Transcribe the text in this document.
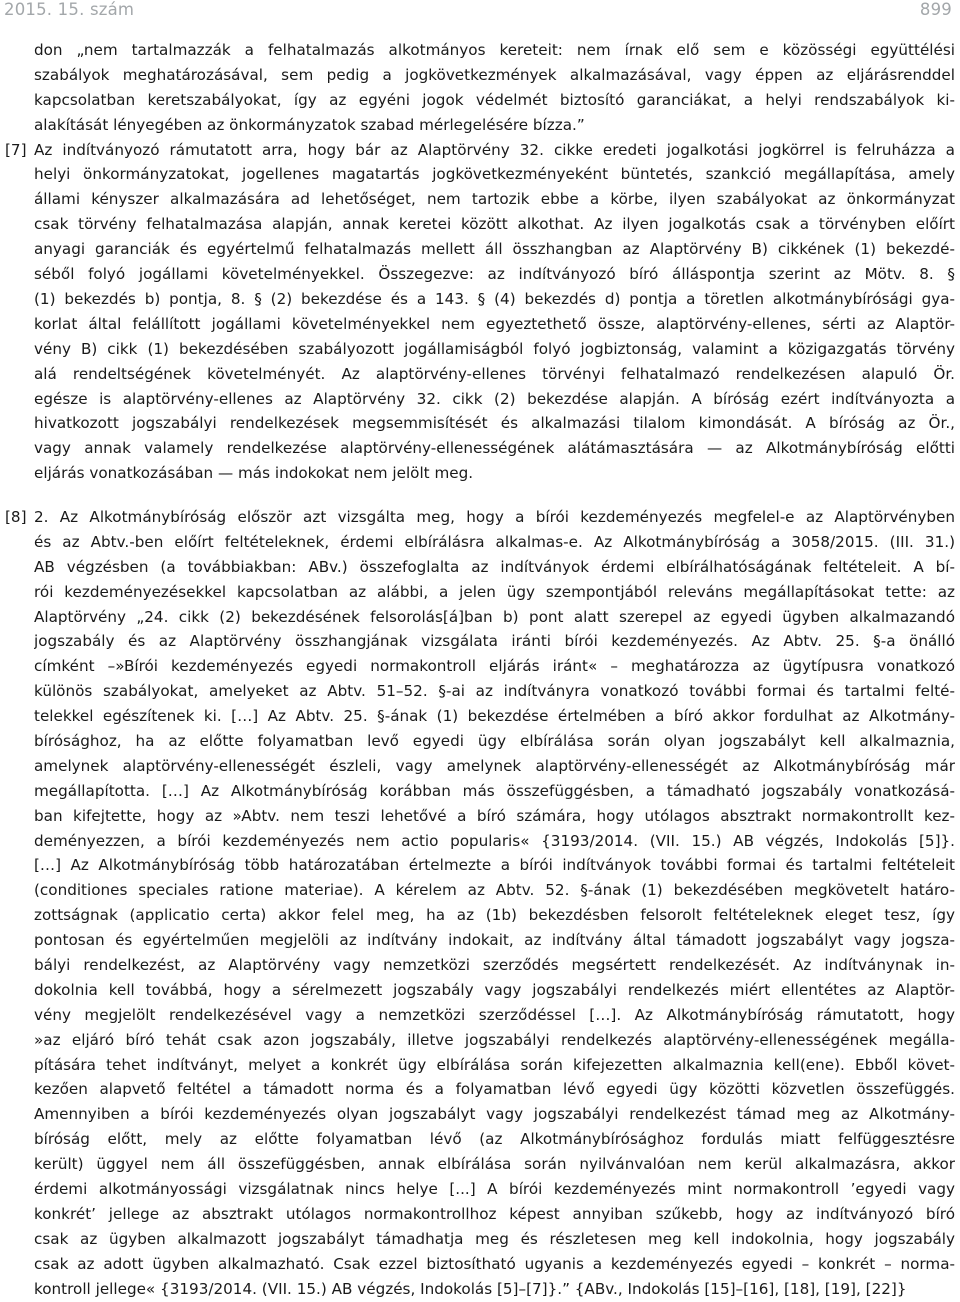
2015. 15. szám	899
don „nem tartalmazzák a felhatalmazás alkotmányos kereteit: nem írnak elő sem e közösségi együttélési
szabályok meghatározásával, sem pedig a jogkövetkezmények alkalmazásával, vagy éppen az eljárásrenddel
kapcsolatban keretszabályokat, így az egyéni jogok védelmét biztosító garanciákat, a helyi rendszabályok ki-
alakítását lényegében az önkormányzatok szabad mérlegelésére bízza.”
[7] Az indítványozó rámutatott arra, hogy bár az Alaptörvény 32. cikke eredeti jogalkotási jogkörrel is felruházza a
helyi önkormányzatokat, jogellenes magatartás jogkövetkezményeként büntetés, szankció megállapítása, amely
állami kényszer alkalmazására ad lehetőséget, nem tartozik ebbe a körbe, ilyen szabályokat az önkormányzat
csak törvény felhatalmazása alapján, annak keretei között alkothat. Az ilyen jogalkotás csak a törvényben előírt
anyagi garanciák és egyértelmű felhatalmazás mellett áll összhangban az Alaptörvény B) cikkének (1) bekezdé-
séből folyó jogállami követelményekkel. Összegezve: az indítványozó bíró álláspontja szerint az Mötv. 8. §
(1) bekezdés b) pontja, 8. § (2) bekezdése és a 143. § (4) bekezdés d) pontja a töretlen alkotmánybírósági gya-
korlat által felállított jogállami követelményekkel nem egyeztethető össze, alaptörvény-ellenes, sérti az Alaptör-
vény B) cikk (1) bekezdésében szabályozott jogállamiságból folyó jogbiztonság, valamint a közigazgatás törvény
alá rendeltségének követelményét. Az alaptörvény-ellenes törvényi felhatalmazó rendelkezésen alapuló Ör.
egésze is alaptörvény-ellenes az Alaptörvény 32. cikk (2) bekezdése alapján. A bíróság ezért indítványozta a
hivatkozott jogszabályi rendelkezések megsemmisítését és alkalmazási tilalom kimondását. A bíróság az Ör.,
vagy annak valamely rendelkezése alaptörvény-ellenességének alátámasztására — az Alkotmánybíróság előtti
eljárás vonatkozásában — más indokokat nem jelölt meg.
[8] 2. Az Alkotmánybíróság először azt vizsgálta meg, hogy a bírói kezdeményezés megfelel-e az Alaptörvényben
és az Abtv.-ben előírt feltételeknek, érdemi elbírálásra alkalmas-e. Az Alkotmánybíróság a 3058/2015. (III. 31.)
AB végzésben (a továbbiakban: ABv.) összefoglalta az indítványok érdemi elbírálhatóságának feltételeit. A bí-
rói kezdeményezésekkel kapcsolatban az alábbi, a jelen ügy szempontjából releváns megállapításokat tette: az
Alaptörvény „24. cikk (2) bekezdésének felsorolás[á]ban b) pont alatt szerepel az egyedi ügyben alkalmazandó
jogszabály és az Alaptörvény összhangjának vizsgálata iránti bírói kezdeményezés. Az Abtv. 25. §-a önálló
címként –»Bírói kezdeményezés egyedi normakontroll eljárás iránt« – meghatározza az ügytípusra vonatkozó
különös szabályokat, amelyeket az Abtv. 51–52. §-ai az indítványra vonatkozó további formai és tartalmi felté-
telekkel egészítenek ki. […] Az Abtv. 25. §-ának (1) bekezdése értelmében a bíró akkor fordulhat az Alkotmány-
bírósághoz, ha az előtte folyamatban levő egyedi ügy elbírálása során olyan jogszabályt kell alkalmaznia,
amelynek alaptörvény-ellenességét észleli, vagy amelynek alaptörvény-ellenességét az Alkotmánybíróság már
megállapította. […] Az Alkotmánybíróság korábban más összefüggésben, a támadható jogszabály vonatkozásá-
ban kifejtette, hogy az »Abtv. nem teszi lehetővé a bíró számára, hogy utólagos absztrakt normakontrollt kez-
deményezzen, a bírói kezdeményezés nem actio popularis« {3193/2014. (VII. 15.) AB végzés, Indokolás [5]}.
[…] Az Alkotmánybíróság több határozatában értelmezte a bírói indítványok további formai és tartalmi feltételeit
(conditiones speciales ratione materiae). A kérelem az Abtv. 52. §-ának (1) bekezdésében megkövetelt határo-
zottságnak (applicatio certa) akkor felel meg, ha az (1b) bekezdésben felsorolt feltételeknek eleget tesz, így
pontosan és egyértelműen megjelöli az indítvány indokait, az indítvány által támadott jogszabályt vagy jogsza-
bályi rendelkezést, az Alaptörvény vagy nemzetközi szerződés megsértett rendelkezését. Az indítványnak in-
dokolnia kell továbbá, hogy a sérelmezett jogszabály vagy jogszabályi rendelkezés miért ellentétes az Alaptör-
vény megjelölt rendelkezésével vagy a nemzetközi szerződéssel […]. Az Alkotmánybíróság rámutatott, hogy
»az eljáró bíró tehát csak azon jogszabály, illetve jogszabályi rendelkezés alaptörvény-ellenességének megálla-
pítására tehet indítványt, melyet a konkrét ügy elbírálása során kifejezetten alkalmaznia kell(ene). Ebből követ-
kezően alapvető feltétel a támadott norma és a folyamatban lévő egyedi ügy közötti közvetlen összefüggés.
Amennyiben a bírói kezdeményezés olyan jogszabályt vagy jogszabályi rendelkezést támad meg az Alkotmány-
bíróság előtt, mely az előtte folyamatban lévő (az Alkotmánybírósághoz fordulás miatt felfüggesztésre
került) üggyel nem áll összefüggésben, annak elbírálása során nyilvánvalóan nem kerül alkalmazásra, akkor
érdemi alkotmányossági vizsgálatnak nincs helye [...] A bírói kezdeményezés mint normakontroll ’egyedi vagy
konkrét’ jellege az absztrakt utólagos normakontrollhoz képest annyiban szűkebb, hogy az indítványozó bíró
csak az ügyben alkalmazott jogszabályt támadhatja meg és részletesen meg kell indokolnia, hogy jogszabály
csak az adott ügyben alkalmazható. Csak ezzel biztosítható ugyanis a kezdeményezés egyedi – konkrét – norma-
kontroll jellege« {3193/2014. (VII. 15.) AB végzés, Indokolás [5]–[7]}.” {ABv., Indokolás [15]–[16], [18], [19], [22]}
